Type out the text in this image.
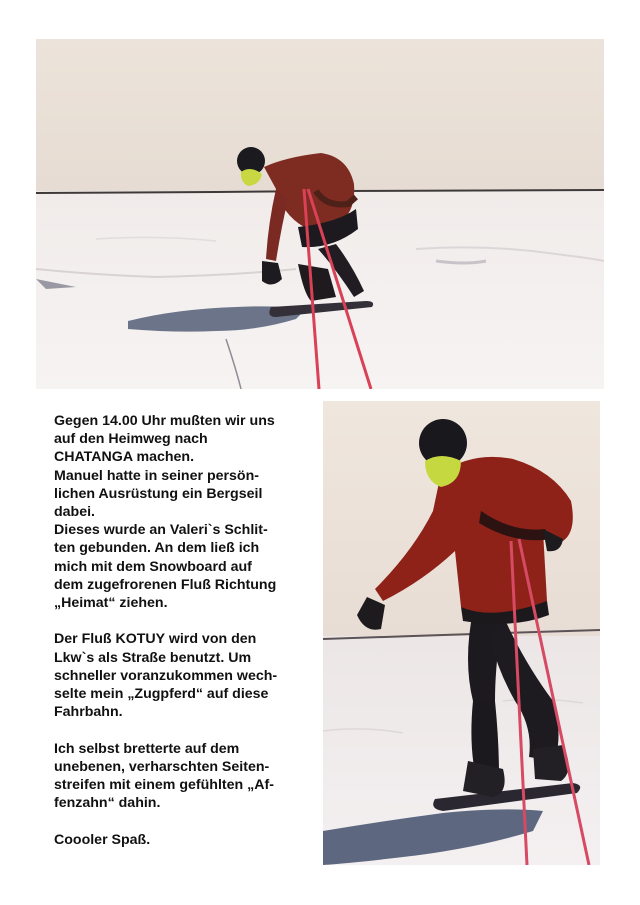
Gegen 14.00 Uhr mußten wir uns
auf den Heimweg nach
CHATANGA machen.
Manuel hatte in seiner persön-
lichen Ausrüstung ein Bergseil
dabei.
Dieses wurde an Valeri`s Schlit-
ten gebunden. An dem ließ ich
mich mit dem Snowboard auf
dem zugefrorenen Fluß Richtung
„Heimat“ ziehen.

Der Fluß KOTUY wird von den
Lkw`s als Straße benutzt. Um
schneller voranzukommen wech-
selte mein „Zugpferd“ auf diese
Fahrbahn.

Ich selbst bretterte auf dem
unebenen, verharschten Seiten-
streifen mit einem gefühlten „Af-
fenzahn“ dahin.

Coooler Spaß.
